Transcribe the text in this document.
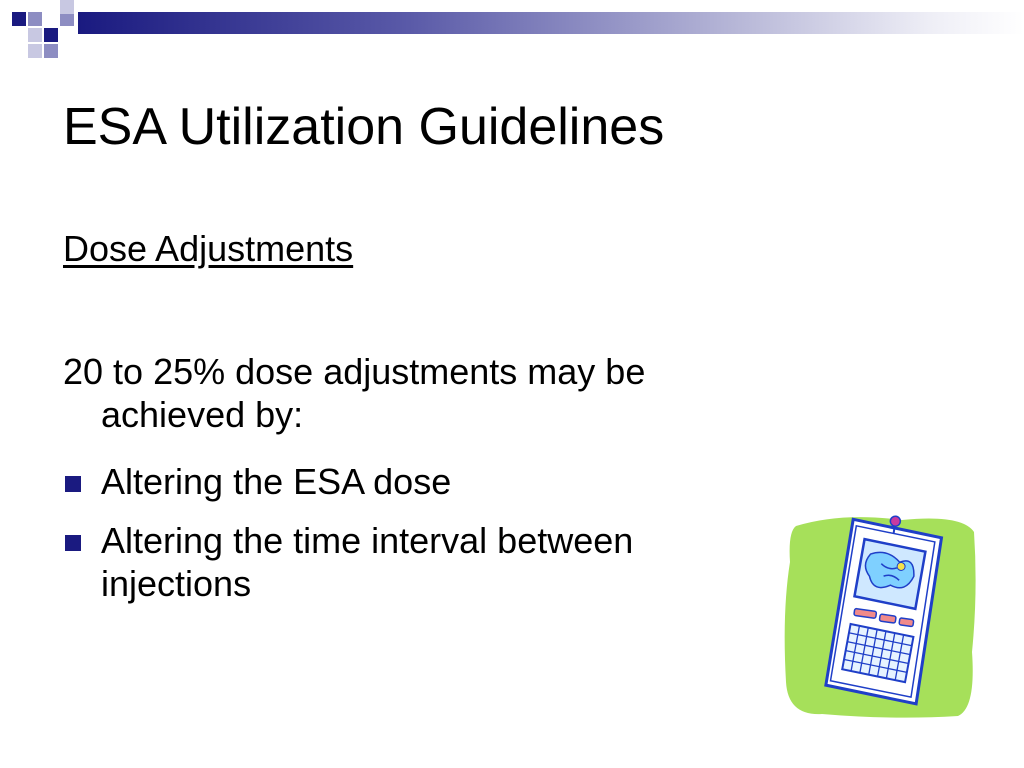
ESA Utilization Guidelines
Dose Adjustments
20 to 25% dose adjustments may be
achieved by:
Altering the ESA dose
Altering the time interval between injections
